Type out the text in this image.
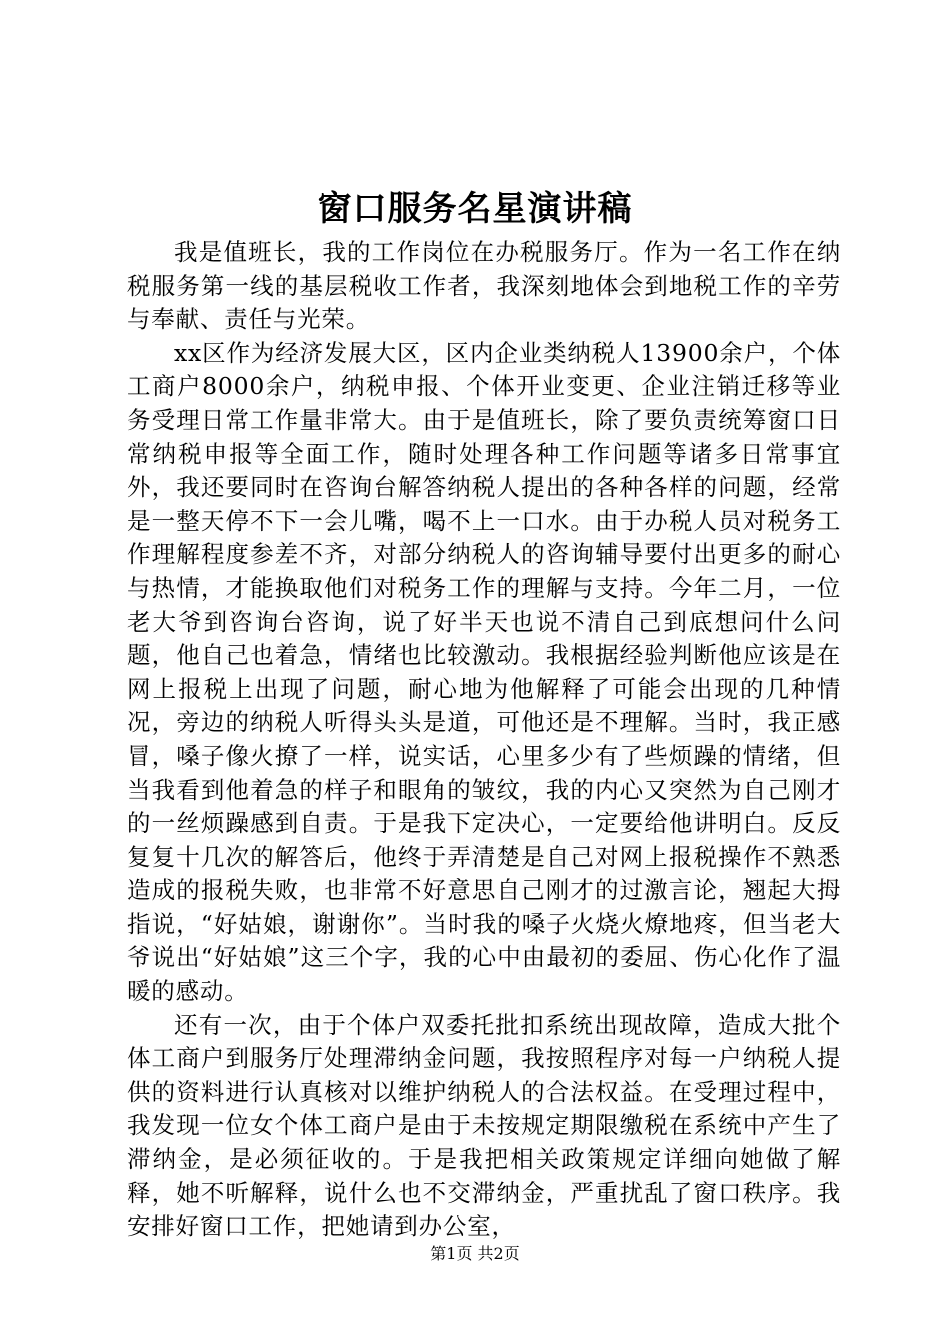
窗口服务名星演讲稿

我是值班长，我的工作岗位在办税服务厅。作为一名工作在纳税服务第一线的基层税收工作者，我深刻地体会到地税工作的辛劳与奉献、责任与光荣。

xx区作为经济发展大区，区内企业类纳税人13900余户，个体工商户8000余户，纳税申报、个体开业变更、企业注销迁移等业务受理日常工作量非常大。由于是值班长，除了要负责统筹窗口日常纳税申报等全面工作，随时处理各种工作问题等诸多日常事宜外，我还要同时在咨询台解答纳税人提出的各种各样的问题，经常是一整天停不下一会儿嘴，喝不上一口水。由于办税人员对税务工作理解程度参差不齐，对部分纳税人的咨询辅导要付出更多的耐心与热情，才能换取他们对税务工作的理解与支持。今年二月，一位老大爷到咨询台咨询，说了好半天也说不清自己到底想问什么问题，他自己也着急，情绪也比较激动。我根据经验判断他应该是在网上报税上出现了问题，耐心地为他解释了可能会出现的几种情况，旁边的纳税人听得头头是道，可他还是不理解。当时，我正感冒，嗓子像火撩了一样，说实话，心里多少有了些烦躁的情绪，但当我看到他着急的样子和眼角的皱纹，我的内心又突然为自己刚才的一丝烦躁感到自责。于是我下定决心，一定要给他讲明白。反反复复十几次的解答后，他终于弄清楚是自己对网上报税操作不熟悉造成的报税失败，也非常不好意思自己刚才的过激言论，翘起大拇指说，“好姑娘，谢谢你”。当时我的嗓子火烧火燎地疼，但当老大爷说出“好姑娘”这三个字，我的心中由最初的委屈、伤心化作了温暖的感动。

还有一次，由于个体户双委托批扣系统出现故障，造成大批个体工商户到服务厅处理滞纳金问题，我按照程序对每一户纳税人提供的资料进行认真核对以维护纳税人的合法权益。在受理过程中，我发现一位女个体工商户是由于未按规定期限缴税在系统中产生了滞纳金，是必须征收的。于是我把相关政策规定详细向她做了解释，她不听解释，说什么也不交滞纳金，严重扰乱了窗口秩序。我安排好窗口工作，把她请到办公室，

第1页 共2页
